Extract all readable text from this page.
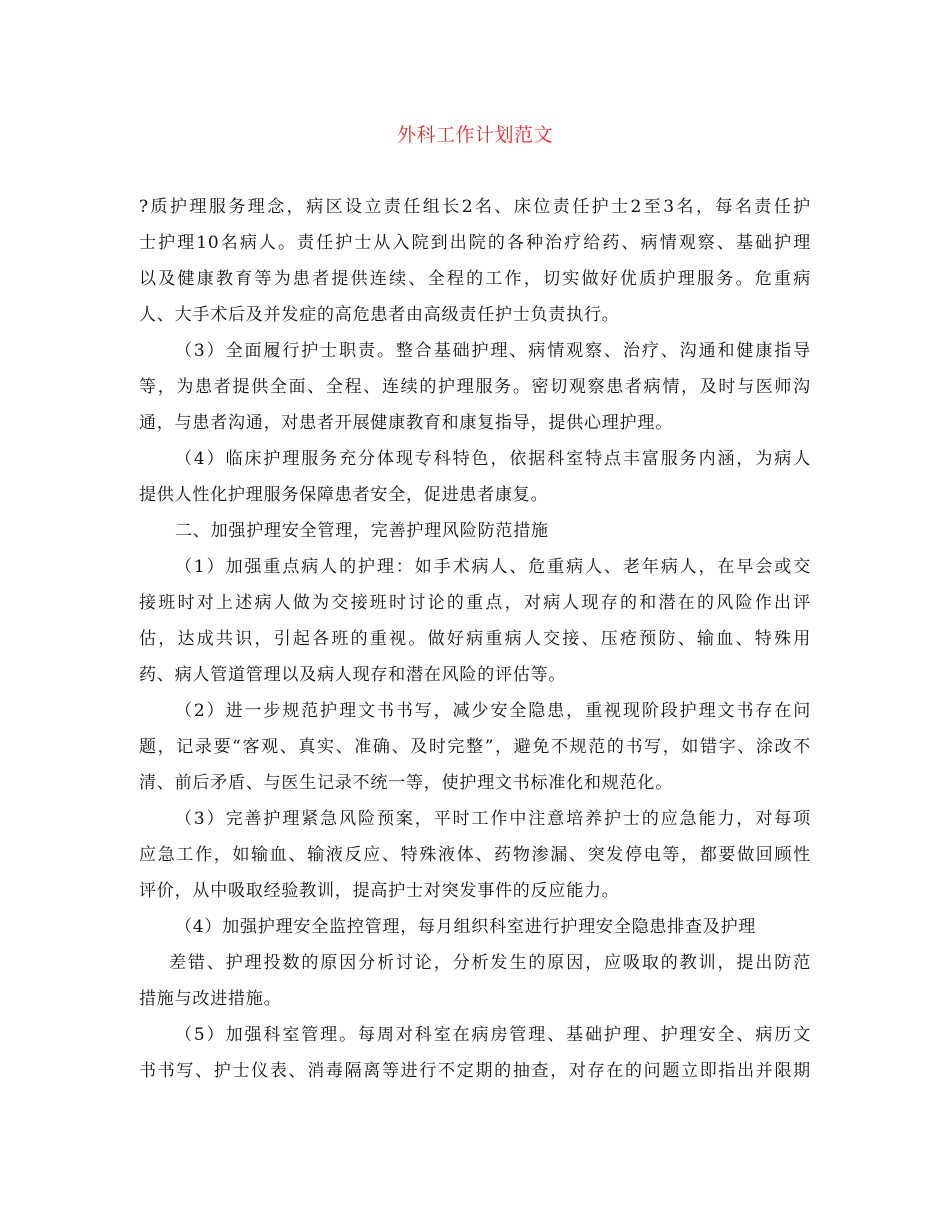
外科工作计划范文
?质护理服务理念，病区设立责任组长2名、床位责任护士2至3名，每名责任护
士护理10名病人。责任护士从入院到出院的各种治疗给药、病情观察、基础护理
以及健康教育等为患者提供连续、全程的工作，切实做好优质护理服务。危重病
人、大手术后及并发症的高危患者由高级责任护士负责执行。
（3）全面履行护士职责。整合基础护理、病情观察、治疗、沟通和健康指导
等，为患者提供全面、全程、连续的护理服务。密切观察患者病情，及时与医师沟
通，与患者沟通，对患者开展健康教育和康复指导，提供心理护理。
（4）临床护理服务充分体现专科特色，依据科室特点丰富服务内涵，为病人
提供人性化护理服务保障患者安全，促进患者康复。
二、加强护理安全管理，完善护理风险防范措施
（1）加强重点病人的护理：如手术病人、危重病人、老年病人，在早会或交
接班时对上述病人做为交接班时讨论的重点，对病人现存的和潜在的风险作出评
估，达成共识，引起各班的重视。做好病重病人交接、压疮预防、输血、特殊用
药、病人管道管理以及病人现存和潜在风险的评估等。
（2）进一步规范护理文书书写，减少安全隐患，重视现阶段护理文书存在问
题，记录要“客观、真实、准确、及时完整”，避免不规范的书写，如错字、涂改不
清、前后矛盾、与医生记录不统一等，使护理文书标准化和规范化。
（3）完善护理紧急风险预案，平时工作中注意培养护士的应急能力，对每项
应急工作，如输血、输液反应、特殊液体、药物渗漏、突发停电等，都要做回顾性
评价，从中吸取经验教训，提高护士对突发事件的反应能力。
（4）加强护理安全监控管理，每月组织科室进行护理安全隐患排查及护理
差错、护理投数的原因分析讨论，分析发生的原因，应吸取的教训，提出防范
措施与改进措施。
（5）加强科室管理。每周对科室在病房管理、基础护理、护理安全、病历文
书书写、护士仪表、消毒隔离等进行不定期的抽查，对存在的问题立即指出并限期
